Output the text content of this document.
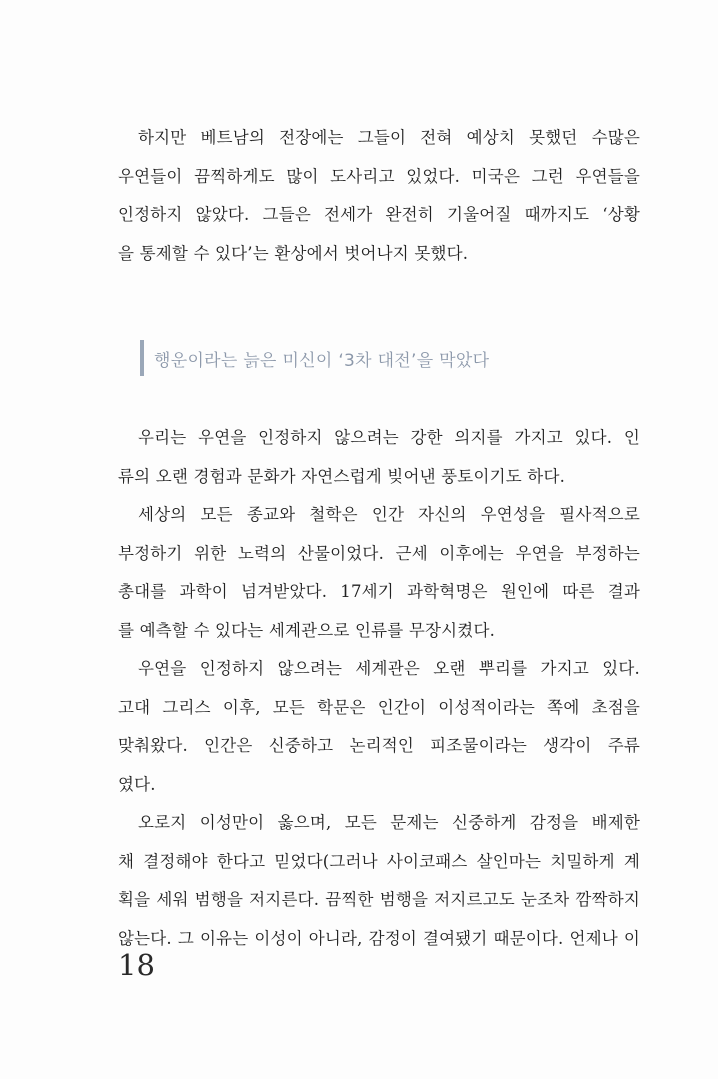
하지만 베트남의 전장에는 그들이 전혀 예상치 못했던 수많은
우연들이 끔찍하게도 많이 도사리고 있었다. 미국은 그런 우연들을
인정하지 않았다. 그들은 전세가 완전히 기울어질 때까지도 ‘상황
을 통제할 수 있다’는 환상에서 벗어나지 못했다.
행운이라는 늙은 미신이 ‘3차 대전’을 막았다
우리는 우연을 인정하지 않으려는 강한 의지를 가지고 있다. 인
류의 오랜 경험과 문화가 자연스럽게 빚어낸 풍토이기도 하다.
세상의 모든 종교와 철학은 인간 자신의 우연성을 필사적으로
부정하기 위한 노력의 산물이었다. 근세 이후에는 우연을 부정하는
총대를 과학이 넘겨받았다. 17세기 과학혁명은 원인에 따른 결과
를 예측할 수 있다는 세계관으로 인류를 무장시켰다.
우연을 인정하지 않으려는 세계관은 오랜 뿌리를 가지고 있다.
고대 그리스 이후, 모든 학문은 인간이 이성적이라는 쪽에 초점을
맞춰왔다. 인간은 신중하고 논리적인 피조물이라는 생각이 주류
였다.
오로지 이성만이 옳으며, 모든 문제는 신중하게 감정을 배제한
채 결정해야 한다고 믿었다(그러나 사이코패스 살인마는 치밀하게 계
획을 세워 범행을 저지른다. 끔찍한 범행을 저지르고도 눈조차 깜짝하지
않는다. 그 이유는 이성이 아니라, 감정이 결여됐기 때문이다. 언제나 이
18
